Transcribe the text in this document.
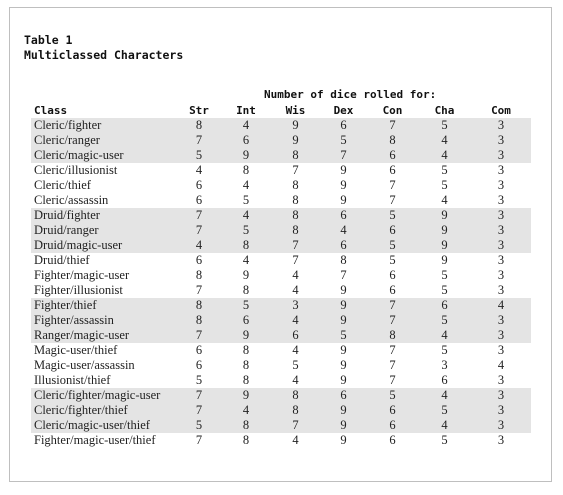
Table 1
Multiclassed Characters
Number of dice rolled for:
Class	Str	Int	Wis	Dex	Con	Cha	Com
Cleric/fighter	8	4	9	6	7	5	3
Cleric/ranger	7	6	9	5	8	4	3
Cleric/magic-user	5	9	8	7	6	4	3
Cleric/illusionist	4	8	7	9	6	5	3
Cleric/thief	6	4	8	9	7	5	3
Cleric/assassin	6	5	8	9	7	4	3
Druid/fighter	7	4	8	6	5	9	3
Druid/ranger	7	5	8	4	6	9	3
Druid/magic-user	4	8	7	6	5	9	3
Druid/thief	6	4	7	8	5	9	3
Fighter/magic-user	8	9	4	7	6	5	3
Fighter/illusionist	7	8	4	9	6	5	3
Fighter/thief	8	5	3	9	7	6	4
Fighter/assassin	8	6	4	9	7	5	3
Ranger/magic-user	7	9	6	5	8	4	3
Magic-user/thief	6	8	4	9	7	5	3
Magic-user/assassin	6	8	5	9	7	3	4
Illusionist/thief	5	8	4	9	7	6	3
Cleric/fighter/magic-user	7	9	8	6	5	4	3
Cleric/fighter/thief	7	4	8	9	6	5	3
Cleric/magic-user/thief	5	8	7	9	6	4	3
Fighter/magic-user/thief	7	8	4	9	6	5	3
